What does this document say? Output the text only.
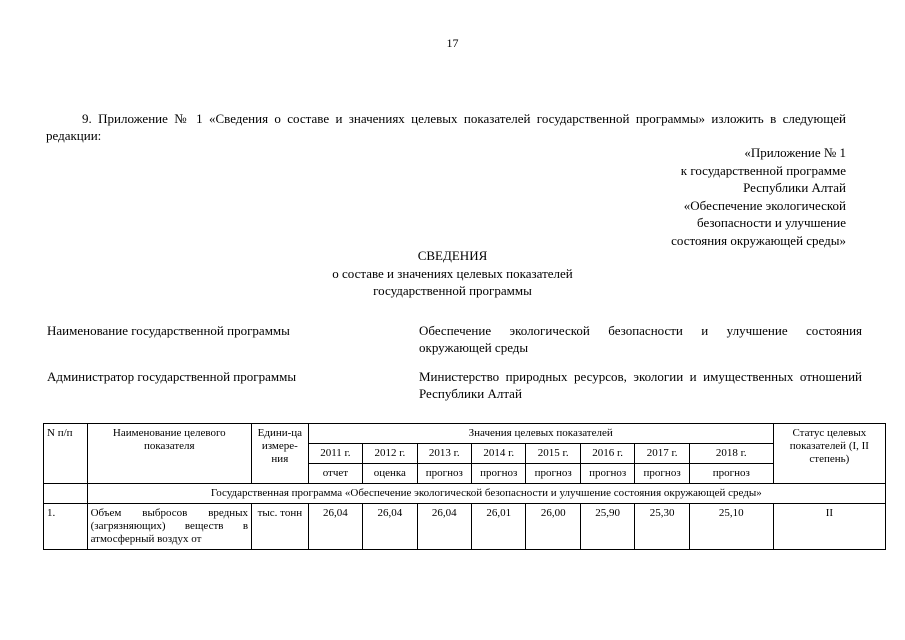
17
9. Приложение № 1 «Сведения о составе и значениях целевых показателей государственной программы» изложить в следующей редакции:
«Приложение № 1
к государственной программе
Республики Алтай
«Обеспечение экологической
безопасности и улучшение
состояния окружающей среды»
СВЕДЕНИЯ
о составе и значениях целевых показателей
государственной программы
Наименование государственной программы	Обеспечение экологической безопасности и улучшение состояния окружающей среды
Администратор государственной программы	Министерство природных ресурсов, экологии и имущественных отношений Республики Алтай
N п/п	Наименование целевого показателя	Едини-ца измере-ния	Значения целевых показателей								Статус целевых показателей (I, II степень)
			2011 г.	2012 г.	2013 г.	2014 г.	2015 г.	2016 г.	2017 г.	2018 г.	
			отчет	оценка	прогноз	прогноз	прогноз	прогноз	прогноз	прогноз	
	Государственная программа «Обеспечение экологической безопасности и улучшение состояния окружающей среды»										
1.	Объем выбросов вредных (загрязняющих) веществ в атмосферный воздух от	тыс. тонн	26,04	26,04	26,04	26,01	26,00	25,90	25,30	25,10	II
